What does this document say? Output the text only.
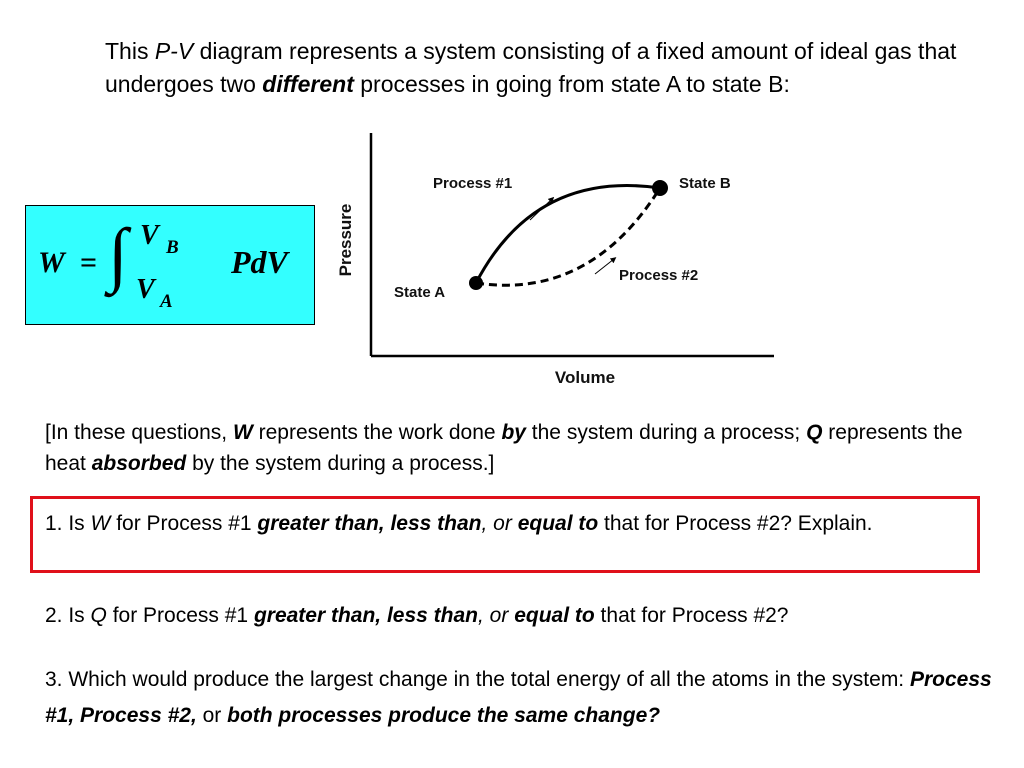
This P-V diagram represents a system consisting of a fixed amount of ideal gas that undergoes two different processes in going from state A to state B:
W = ∫ V B
V A
PdV	Pressure
Volume
State A
State B
Process #1
Process #2
[In these questions, W represents the work done by the system during a process; Q represents the heat absorbed by the system during a process.]
1. Is W for Process #1 greater than, less than, or equal to that for Process #2? Explain.
2. Is Q for Process #1 greater than, less than, or equal to that for Process #2?
3. Which would produce the largest change in the total energy of all the atoms in the system: Process #1, Process #2, or both processes produce the same change?
